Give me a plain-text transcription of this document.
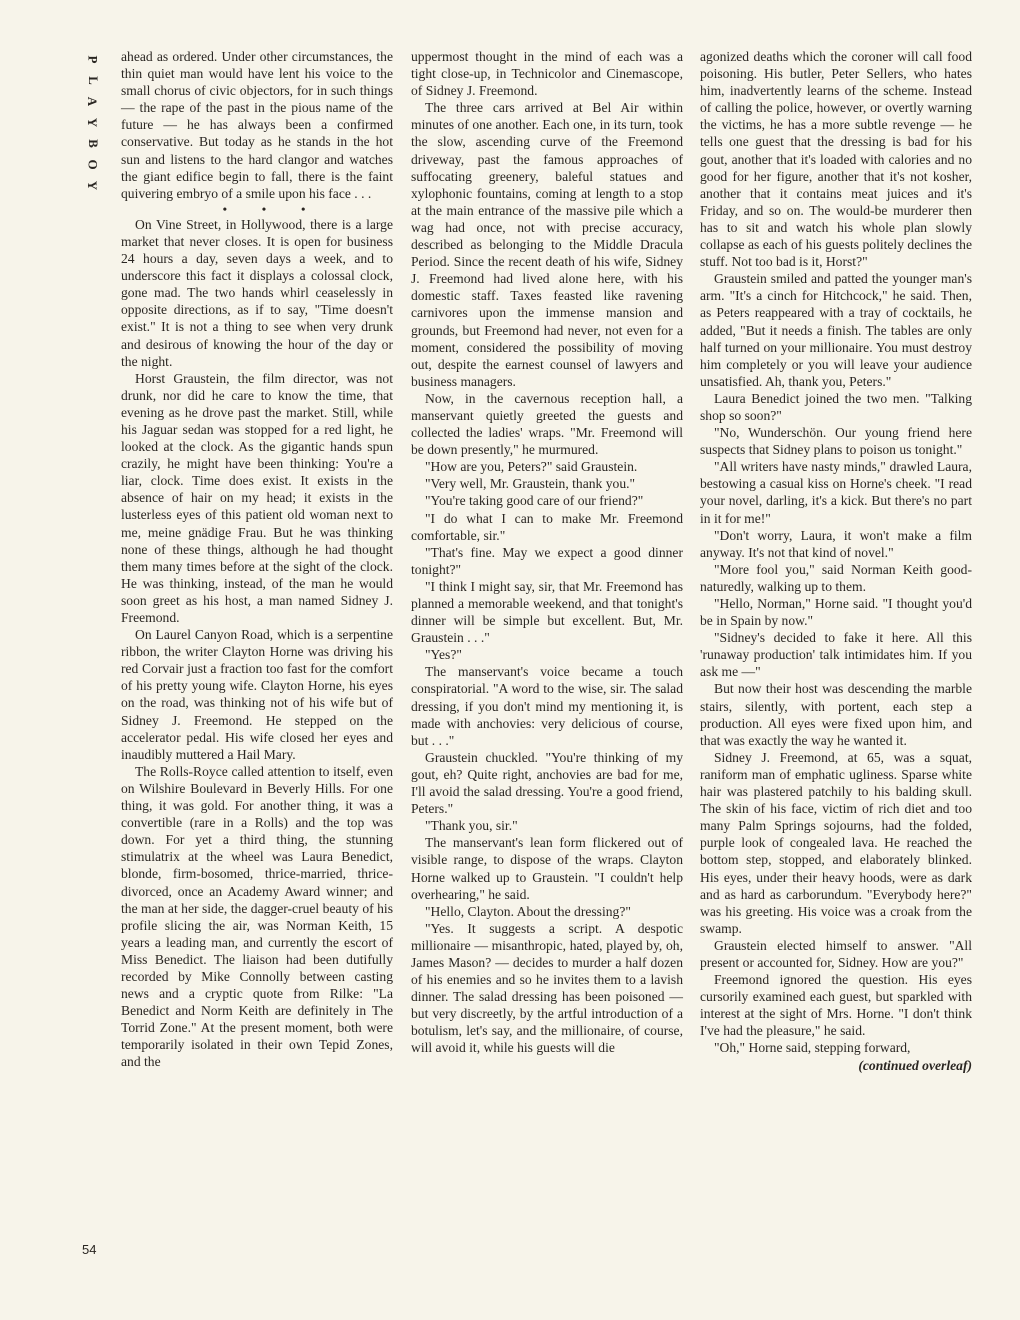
P
L
A
Y
B
O
Y

ahead as ordered. Under other circumstances, the thin quiet man would have lent his voice to the small chorus of civic objectors, for in such things — the rape of the past in the pious name of the future — he has always been a confirmed conservative. But today as he stands in the hot sun and listens to the hard clangor and watches the giant edifice begin to fall, there is the faint quivering embryo of a smile upon his face . . .

• • •

On Vine Street, in Hollywood, there is a large market that never closes. It is open for business 24 hours a day, seven days a week, and to underscore this fact it displays a colossal clock, gone mad. The two hands whirl ceaselessly in opposite directions, as if to say, "Time doesn't exist." It is not a thing to see when very drunk and desirous of knowing the hour of the day or the night.

Horst Graustein, the film director, was not drunk, nor did he care to know the time, that evening as he drove past the market. Still, while his Jaguar sedan was stopped for a red light, he looked at the clock. As the gigantic hands spun crazily, he might have been thinking: You're a liar, clock. Time does exist. It exists in the absence of hair on my head; it exists in the lusterless eyes of this patient old woman next to me, meine gnädige Frau. But he was thinking none of these things, although he had thought them many times before at the sight of the clock. He was thinking, instead, of the man he would soon greet as his host, a man named Sidney J. Freemond.

On Laurel Canyon Road, which is a serpentine ribbon, the writer Clayton Horne was driving his red Corvair just a fraction too fast for the comfort of his pretty young wife. Clayton Horne, his eyes on the road, was thinking not of his wife but of Sidney J. Freemond. He stepped on the accelerator pedal. His wife closed her eyes and inaudibly muttered a Hail Mary.

The Rolls-Royce called attention to itself, even on Wilshire Boulevard in Beverly Hills. For one thing, it was gold. For another thing, it was a convertible (rare in a Rolls) and the top was down. For yet a third thing, the stunning stimulatrix at the wheel was Laura Benedict, blonde, firm-bosomed, thrice-married, thrice-divorced, once an Academy Award winner; and the man at her side, the dagger-cruel beauty of his profile slicing the air, was Norman Keith, 15 years a leading man, and currently the escort of Miss Benedict. The liaison had been dutifully recorded by Mike Connolly between casting news and a cryptic quote from Rilke: "La Benedict and Norm Keith are definitely in The Torrid Zone." At the present moment, both were temporarily isolated in their own Tepid Zones, and the

uppermost thought in the mind of each was a tight close-up, in Technicolor and Cinemascope, of Sidney J. Freemond.

The three cars arrived at Bel Air within minutes of one another. Each one, in its turn, took the slow, ascending curve of the Freemond driveway, past the famous approaches of suffocating greenery, baleful statues and xylophonic fountains, coming at length to a stop at the main entrance of the massive pile which a wag had once, not with precise accuracy, described as belonging to the Middle Dracula Period. Since the recent death of his wife, Sidney J. Freemond had lived alone here, with his domestic staff. Taxes feasted like ravening carnivores upon the immense mansion and grounds, but Freemond had never, not even for a moment, considered the possibility of moving out, despite the earnest counsel of lawyers and business managers.

Now, in the cavernous reception hall, a manservant quietly greeted the guests and collected the ladies' wraps. "Mr. Freemond will be down presently," he murmured.

"How are you, Peters?" said Graustein.

"Very well, Mr. Graustein, thank you."

"You're taking good care of our friend?"

"I do what I can to make Mr. Freemond comfortable, sir."

"That's fine. May we expect a good dinner tonight?"

"I think I might say, sir, that Mr. Freemond has planned a memorable weekend, and that tonight's dinner will be simple but excellent. But, Mr. Graustein . . ."

"Yes?"

The manservant's voice became a touch conspiratorial. "A word to the wise, sir. The salad dressing, if you don't mind my mentioning it, is made with anchovies: very delicious of course, but . . ."

Graustein chuckled. "You're thinking of my gout, eh? Quite right, anchovies are bad for me, I'll avoid the salad dressing. You're a good friend, Peters."

"Thank you, sir."

The manservant's lean form flickered out of visible range, to dispose of the wraps. Clayton Horne walked up to Graustein. "I couldn't help overhearing," he said.

"Hello, Clayton. About the dressing?"

"Yes. It suggests a script. A despotic millionaire — misanthropic, hated, played by, oh, James Mason? — decides to murder a half dozen of his enemies and so he invites them to a lavish dinner. The salad dressing has been poisoned — but very discreetly, by the artful introduction of a botulism, let's say, and the millionaire, of course, will avoid it, while his guests will die

agonized deaths which the coroner will call food poisoning. His butler, Peter Sellers, who hates him, inadvertently learns of the scheme. Instead of calling the police, however, or overtly warning the victims, he has a more subtle revenge — he tells one guest that the dressing is bad for his gout, another that it's loaded with calories and no good for her figure, another that it's not kosher, another that it contains meat juices and it's Friday, and so on. The would-be murderer then has to sit and watch his whole plan slowly collapse as each of his guests politely declines the stuff. Not too bad is it, Horst?"

Graustein smiled and patted the younger man's arm. "It's a cinch for Hitchcock," he said. Then, as Peters reappeared with a tray of cocktails, he added, "But it needs a finish. The tables are only half turned on your millionaire. You must destroy him completely or you will leave your audience unsatisfied. Ah, thank you, Peters."

Laura Benedict joined the two men. "Talking shop so soon?"

"No, Wunderschön. Our young friend here suspects that Sidney plans to poison us tonight."

"All writers have nasty minds," drawled Laura, bestowing a casual kiss on Horne's cheek. "I read your novel, darling, it's a kick. But there's no part in it for me!"

"Don't worry, Laura, it won't make a film anyway. It's not that kind of novel."

"More fool you," said Norman Keith good-naturedly, walking up to them.

"Hello, Norman," Horne said. "I thought you'd be in Spain by now."

"Sidney's decided to fake it here. All this 'runaway production' talk intimidates him. If you ask me —"

But now their host was descending the marble stairs, silently, with portent, each step a production. All eyes were fixed upon him, and that was exactly the way he wanted it.

Sidney J. Freemond, at 65, was a squat, raniform man of emphatic ugliness. Sparse white hair was plastered patchily to his balding skull. The skin of his face, victim of rich diet and too many Palm Springs sojourns, had the folded, purple look of congealed lava. He reached the bottom step, stopped, and elaborately blinked. His eyes, under their heavy hoods, were as dark and as hard as carborundum. "Everybody here?" was his greeting. His voice was a croak from the swamp.

Graustein elected himself to answer. "All present or accounted for, Sidney. How are you?"

Freemond ignored the question. His eyes cursorily examined each guest, but sparkled with interest at the sight of Mrs. Horne. "I don't think I've had the pleasure," he said.

"Oh," Horne said, stepping forward,

(continued overleaf)

54
